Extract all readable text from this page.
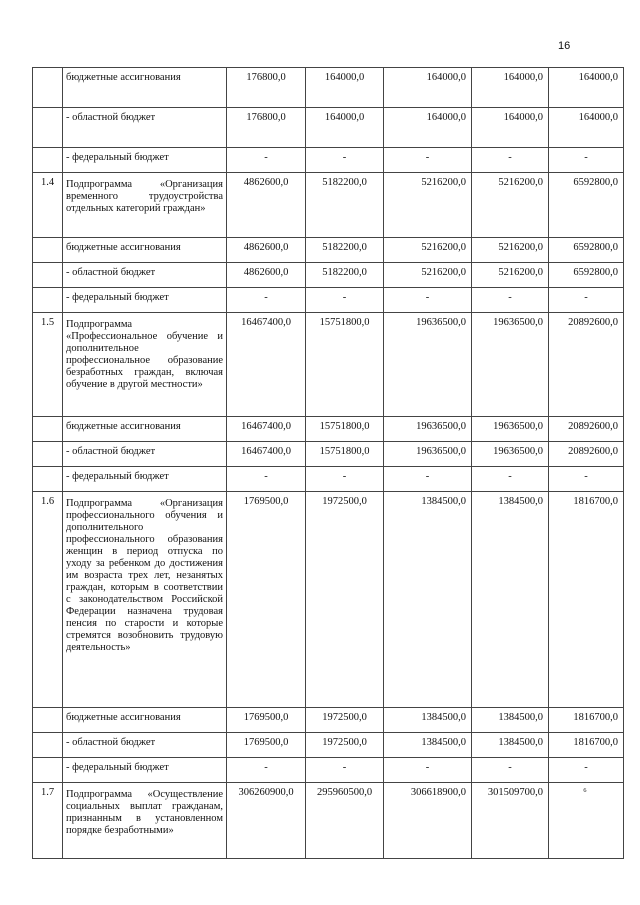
16
	бюджетные ассигнования	176800,0	164000,0	164000,0	164000,0	164000,0
	- областной бюджет	176800,0	164000,0	164000,0	164000,0	164000,0
	- федеральный бюджет	-	-	-	-	-
1.4	Подпрограмма «Организация временного трудоустройства отдельных категорий граждан»	4862600,0	5182200,0	5216200,0	5216200,0	6592800,0
	бюджетные ассигнования	4862600,0	5182200,0	5216200,0	5216200,0	6592800,0
	- областной бюджет	4862600,0	5182200,0	5216200,0	5216200,0	6592800,0
	- федеральный бюджет	-	-	-	-	-
1.5	Подпрограмма «Профессиональное обучение и дополнительное профессиональное образование безработных граждан, включая обучение в другой местности»	16467400,0	15751800,0	19636500,0	19636500,0	20892600,0
	бюджетные ассигнования	16467400,0	15751800,0	19636500,0	19636500,0	20892600,0
	- областной бюджет	16467400,0	15751800,0	19636500,0	19636500,0	20892600,0
	- федеральный бюджет	-	-	-	-	-
1.6	Подпрограмма «Организация профессионального обучения и дополнительного профессионального образования женщин в период отпуска по уходу за ребенком до достижения им возраста трех лет, незанятых граждан, которым в соответствии с законодательством Российской Федерации назначена трудовая пенсия по старости и которые стремятся возобновить трудовую деятельность»	1769500,0	1972500,0	1384500,0	1384500,0	1816700,0
	бюджетные ассигнования	1769500,0	1972500,0	1384500,0	1384500,0	1816700,0
	- областной бюджет	1769500,0	1972500,0	1384500,0	1384500,0	1816700,0
	- федеральный бюджет	-	-	-	-	-
1.7	Подпрограмма «Осуществление социальных выплат гражданам, признанным в установленном порядке безработными»	306260900,0	295960500,0	306618900,0	301509700,0	⁶
